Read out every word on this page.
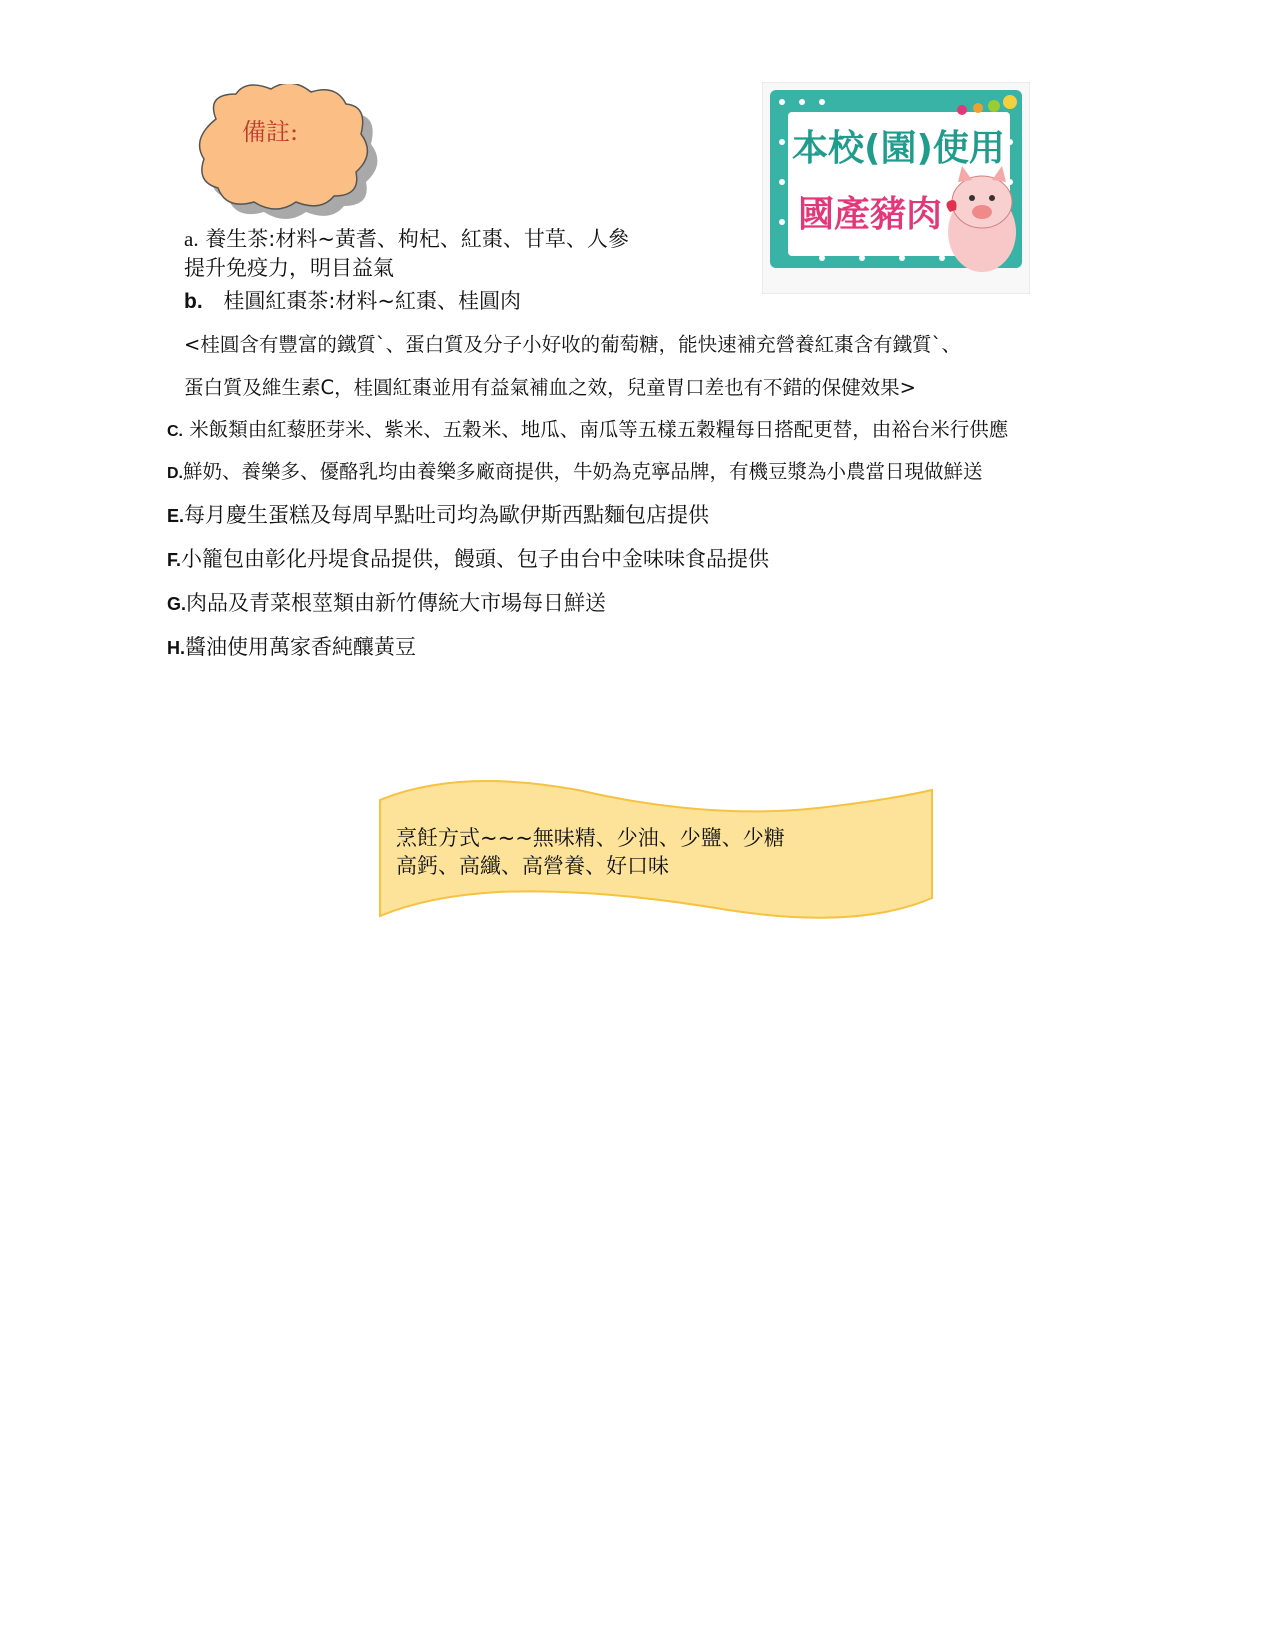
備註:	本校(園)使用
國產豬肉
a. 養生茶:材料~黃耆、枸杞、紅棗、甘草、人參
提升免疫力，明目益氣
b. 桂圓紅棗茶:材料~紅棗、桂圓肉
<桂圓含有豐富的鐵質`、蛋白質及分子小好收的葡萄糖，能快速補充營養紅棗含有鐵質`、
蛋白質及維生素C，桂圓紅棗並用有益氣補血之效，兒童胃口差也有不錯的保健效果>
C. 米飯類由紅藜胚芽米、紫米、五穀米、地瓜、南瓜等五樣五穀糧每日搭配更替，由裕台米行供應
D.鮮奶、養樂多、優酪乳均由養樂多廠商提供，牛奶為克寧品牌，有機豆漿為小農當日現做鮮送
E.每月慶生蛋糕及每周早點吐司均為歐伊斯西點麵包店提供
F.小籠包由彰化丹堤食品提供，饅頭、包子由台中金味味食品提供
G.肉品及青菜根莖類由新竹傳統大市場每日鮮送
H.醬油使用萬家香純釀黃豆
烹飪方式~~~無味精、少油、少鹽、少糖
高鈣、高纖、高營養、好口味
